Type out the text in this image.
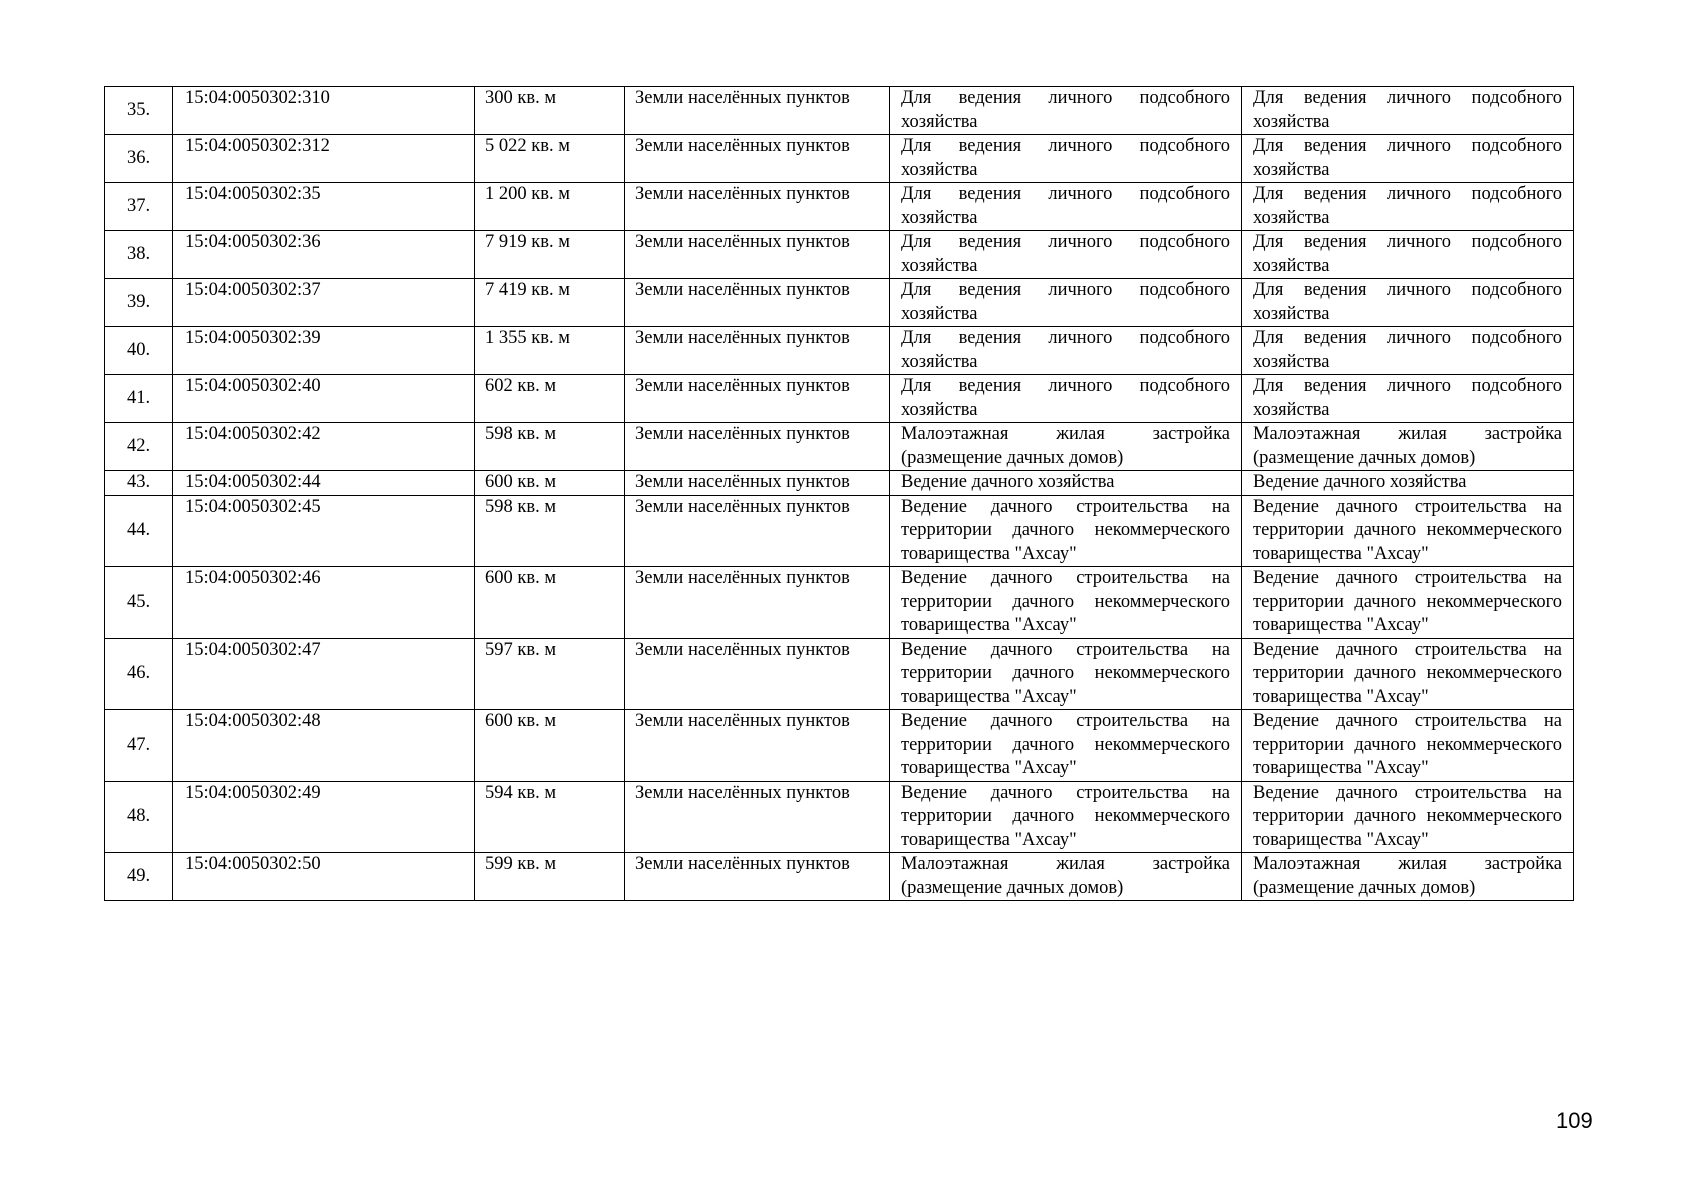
35.	15:04:0050302:310	300 кв. м	Земли населённых пунктов	Для ведения личного подсобного хозяйства	Для ведения личного подсобного хозяйства
36.	15:04:0050302:312	5 022 кв. м	Земли населённых пунктов	Для ведения личного подсобного хозяйства	Для ведения личного подсобного хозяйства
37.	15:04:0050302:35	1 200 кв. м	Земли населённых пунктов	Для ведения личного подсобного хозяйства	Для ведения личного подсобного хозяйства
38.	15:04:0050302:36	7 919 кв. м	Земли населённых пунктов	Для ведения личного подсобного хозяйства	Для ведения личного подсобного хозяйства
39.	15:04:0050302:37	7 419 кв. м	Земли населённых пунктов	Для ведения личного подсобного хозяйства	Для ведения личного подсобного хозяйства
40.	15:04:0050302:39	1 355 кв. м	Земли населённых пунктов	Для ведения личного подсобного хозяйства	Для ведения личного подсобного хозяйства
41.	15:04:0050302:40	602 кв. м	Земли населённых пунктов	Для ведения личного подсобного хозяйства	Для ведения личного подсобного хозяйства
42.	15:04:0050302:42	598 кв. м	Земли населённых пунктов	Малоэтажная жилая застройка (размещение дачных домов)	Малоэтажная жилая застройка (размещение дачных домов)
43.	15:04:0050302:44	600 кв. м	Земли населённых пунктов	Ведение дачного хозяйства	Ведение дачного хозяйства
44.	15:04:0050302:45	598 кв. м	Земли населённых пунктов	Ведение дачного строительства на территории дачного некоммерческого товарищества "Ахсау"	Ведение дачного строительства на территории дачного некоммерческого товарищества "Ахсау"
45.	15:04:0050302:46	600 кв. м	Земли населённых пунктов	Ведение дачного строительства на территории дачного некоммерческого товарищества "Ахсау"	Ведение дачного строительства на территории дачного некоммерческого товарищества "Ахсау"
46.	15:04:0050302:47	597 кв. м	Земли населённых пунктов	Ведение дачного строительства на территории дачного некоммерческого товарищества "Ахсау"	Ведение дачного строительства на территории дачного некоммерческого товарищества "Ахсау"
47.	15:04:0050302:48	600 кв. м	Земли населённых пунктов	Ведение дачного строительства на территории дачного некоммерческого товарищества "Ахсау"	Ведение дачного строительства на территории дачного некоммерческого товарищества "Ахсау"
48.	15:04:0050302:49	594 кв. м	Земли населённых пунктов	Ведение дачного строительства на территории дачного некоммерческого товарищества "Ахсау"	Ведение дачного строительства на территории дачного некоммерческого товарищества "Ахсау"
49.	15:04:0050302:50	599 кв. м	Земли населённых пунктов	Малоэтажная жилая застройка (размещение дачных домов)	Малоэтажная жилая застройка (размещение дачных домов)
109
